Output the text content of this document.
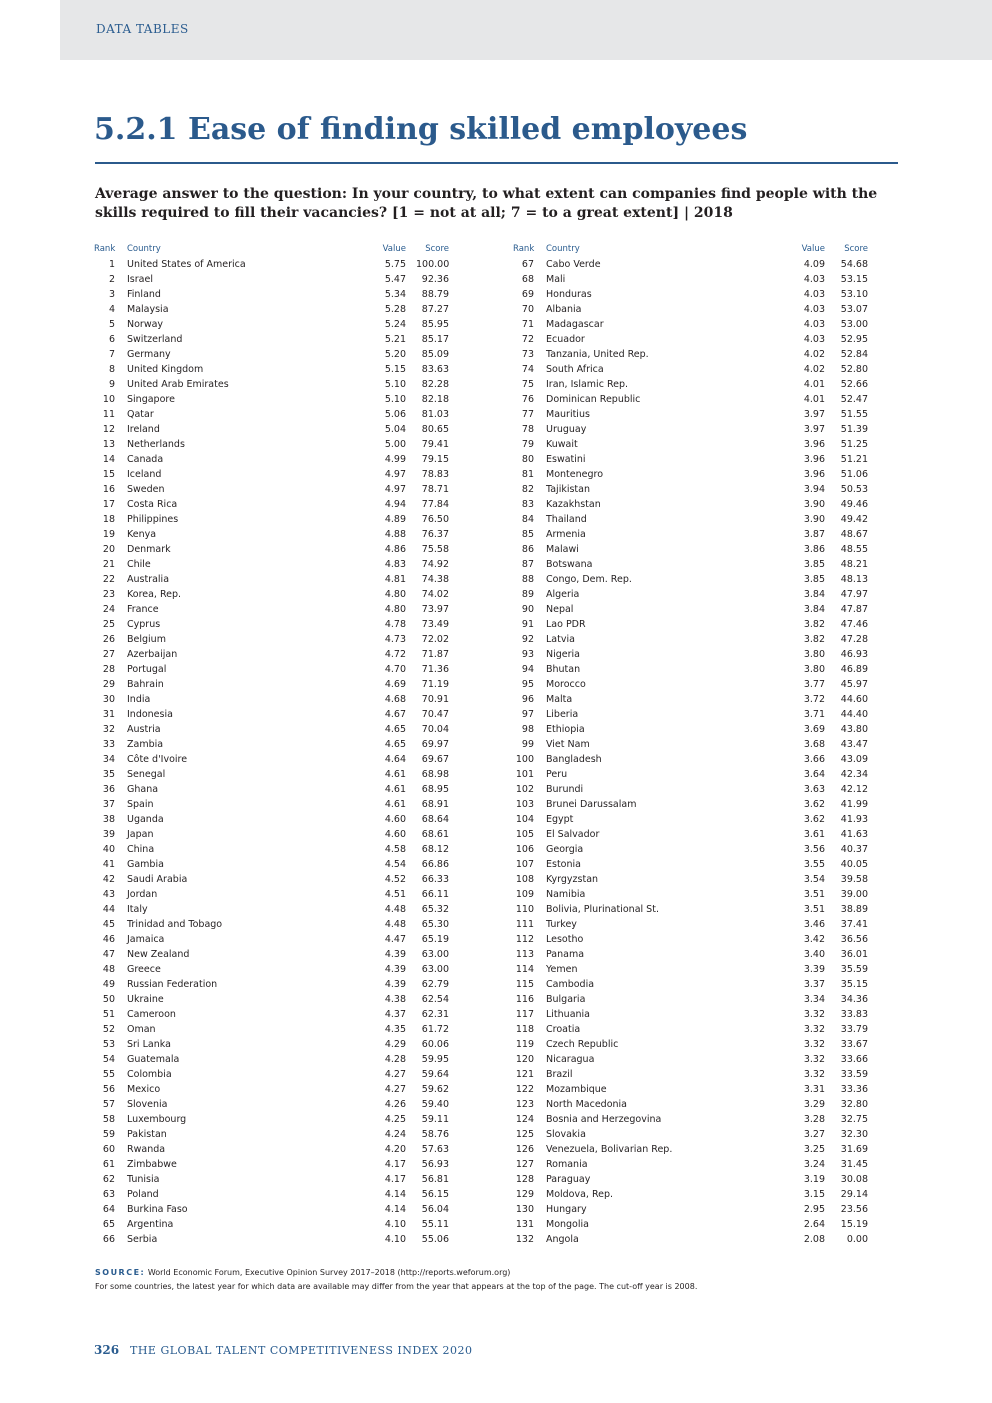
DATA TABLES
5.2.1 Ease of finding skilled employees

Average answer to the question: In your country, to what extent can companies find people with the skills required to fill their vacancies? [1 = not at all; 7 = to a great extent] | 2018

Rank Country	Value	Score
1 United States of America	5.75 100.00
2 Israel	5.47	92.36
3 Finland	5.34	88.79
4 Malaysia	5.28	87.27
5 Norway	5.24	85.95
6 Switzerland	5.21	85.17
7 Germany	5.20	85.09
8 United Kingdom	5.15	83.63
9 United Arab Emirates	5.10	82.28
10 Singapore	5.10	82.18
11 Qatar	5.06	81.03
12 Ireland	5.04	80.65
13 Netherlands	5.00	79.41
14 Canada	4.99	79.15
15 Iceland	4.97	78.83
16 Sweden	4.97	78.71
17 Costa Rica	4.94	77.84
18 Philippines	4.89	76.50
19 Kenya	4.88	76.37
20 Denmark	4.86	75.58
21 Chile	4.83	74.92
22 Australia	4.81	74.38
23 Korea, Rep.	4.80	74.02
24 France	4.80	73.97
25 Cyprus	4.78	73.49
26 Belgium	4.73	72.02
27 Azerbaijan	4.72	71.87
28 Portugal	4.70	71.36
29 Bahrain	4.69	71.19
30 India	4.68	70.91
31 Indonesia	4.67	70.47
32 Austria	4.65	70.04
33 Zambia	4.65	69.97
34 Côte d'Ivoire	4.64	69.67
35 Senegal	4.61	68.98
36 Ghana	4.61	68.95
37 Spain	4.61	68.91
38 Uganda	4.60	68.64
39 Japan	4.60	68.61
40 China	4.58	68.12
41 Gambia	4.54	66.86
42 Saudi Arabia	4.52	66.33
43 Jordan	4.51	66.11
44 Italy	4.48	65.32
45 Trinidad and Tobago	4.48	65.30
46 Jamaica	4.47	65.19
47 New Zealand	4.39	63.00
48 Greece	4.39	63.00
49 Russian Federation	4.39	62.79
50 Ukraine	4.38	62.54
51 Cameroon	4.37	62.31
52 Oman	4.35	61.72
53 Sri Lanka	4.29	60.06
54 Guatemala	4.28	59.95
55 Colombia	4.27	59.64
56 Mexico	4.27	59.62
57 Slovenia	4.26	59.40
58 Luxembourg	4.25	59.11
59 Pakistan	4.24	58.76
60 Rwanda	4.20	57.63
61 Zimbabwe	4.17	56.93
62 Tunisia	4.17	56.81
63 Poland	4.14	56.15
64 Burkina Faso	4.14	56.04
65 Argentina	4.10	55.11
66 Serbia	4.10	55.06
Rank Country	Value	Score
67 Cabo Verde	4.09	54.68
68 Mali	4.03	53.15
69 Honduras	4.03	53.10
70 Albania	4.03	53.07
71 Madagascar	4.03	53.00
72 Ecuador	4.03	52.95
73 Tanzania, United Rep.	4.02	52.84
74 South Africa	4.02	52.80
75 Iran, Islamic Rep.	4.01	52.66
76 Dominican Republic	4.01	52.47
77 Mauritius	3.97	51.55
78 Uruguay	3.97	51.39
79 Kuwait	3.96	51.25
80 Eswatini	3.96	51.21
81 Montenegro	3.96	51.06
82 Tajikistan	3.94	50.53
83 Kazakhstan	3.90	49.46
84 Thailand	3.90	49.42
85 Armenia	3.87	48.67
86 Malawi	3.86	48.55
87 Botswana	3.85	48.21
88 Congo, Dem. Rep.	3.85	48.13
89 Algeria	3.84	47.97
90 Nepal	3.84	47.87
91 Lao PDR	3.82	47.46
92 Latvia	3.82	47.28
93 Nigeria	3.80	46.93
94 Bhutan	3.80	46.89
95 Morocco	3.77	45.97
96 Malta	3.72	44.60
97 Liberia	3.71	44.40
98 Ethiopia	3.69	43.80
99 Viet Nam	3.68	43.47
100 Bangladesh	3.66	43.09
101 Peru	3.64	42.34
102 Burundi	3.63	42.12
103 Brunei Darussalam	3.62	41.99
104 Egypt	3.62	41.93
105 El Salvador	3.61	41.63
106 Georgia	3.56	40.37
107 Estonia	3.55	40.05
108 Kyrgyzstan	3.54	39.58
109 Namibia	3.51	39.00
110 Bolivia, Plurinational St.	3.51	38.89
111 Turkey	3.46	37.41
112 Lesotho	3.42	36.56
113 Panama	3.40	36.01
114 Yemen	3.39	35.59
115 Cambodia	3.37	35.15
116 Bulgaria	3.34	34.36
117 Lithuania	3.32	33.83
118 Croatia	3.32	33.79
119 Czech Republic	3.32	33.67
120 Nicaragua	3.32	33.66
121 Brazil	3.32	33.59
122 Mozambique	3.31	33.36
123 North Macedonia	3.29	32.80
124 Bosnia and Herzegovina	3.28	32.75
125 Slovakia	3.27	32.30
126 Venezuela, Bolivarian Rep.	3.25	31.69
127 Romania	3.24	31.45
128 Paraguay	3.19	30.08
129 Moldova, Rep.	3.15	29.14
130 Hungary	2.95	23.56
131 Mongolia	2.64	15.19
132 Angola	2.08	0.00
SOURCE: World Economic Forum, Executive Opinion Survey 2017–2018 (http://reports.weforum.org)
For some countries, the latest year for which data are available may differ from the year that appears at the top of the page. The cut-off year is 2008.
326 THE GLOBAL TALENT COMPETITIVENESS INDEX 2020
